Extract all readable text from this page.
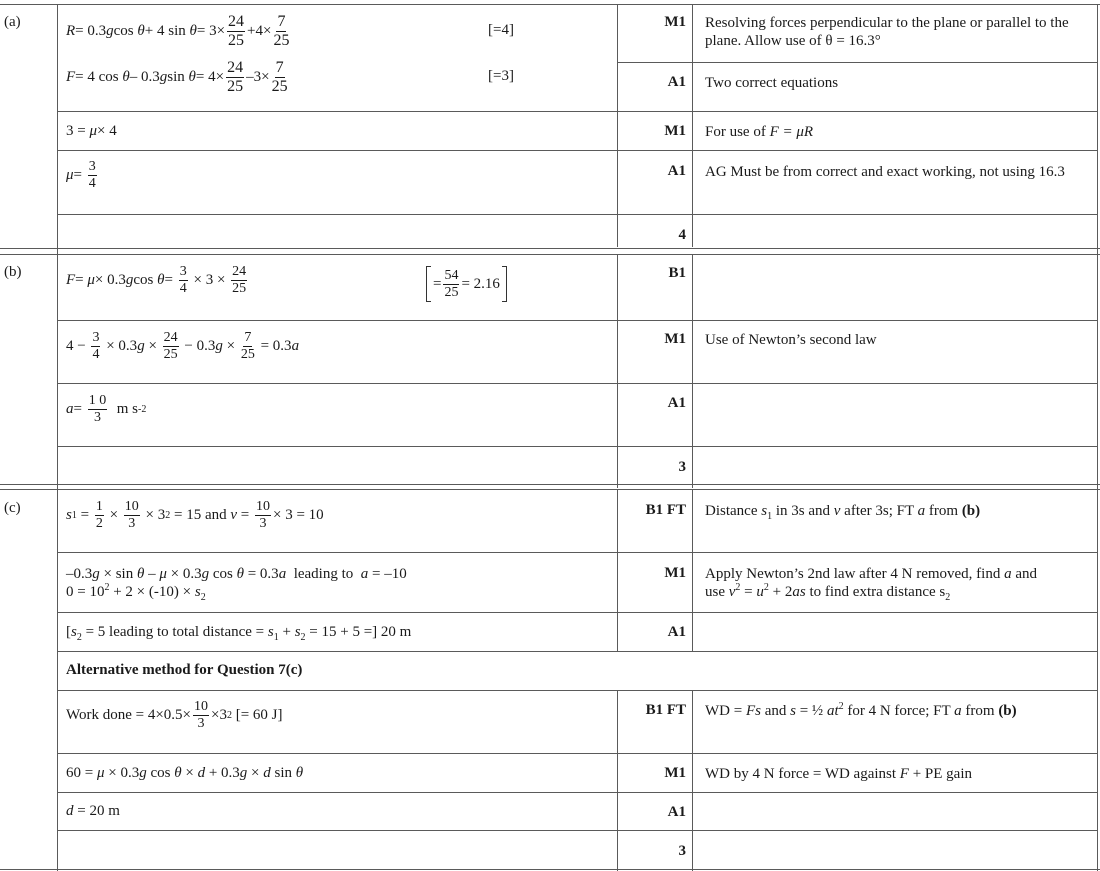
(a)
R = 0.3 g cos
θ + 4 sin
θ =
$3\times \frac{24}{25} +4\times \frac{7}{25}$	[=4]	M1 Resolving forces perpendicular to the plane or parallel to the plane. Allow use of θ = 16.3°
F = 4 cos
θ – 0.3 g sin
θ =
$4\times \frac{24}{25} -3\times \frac{7}{25}$	[=3]	A1 Two correct equations
3 =
μ × 4	M1 For use of F = μR
μ =
$\frac{3}{4}$	A1 AG Must be from correct and exact working, not using 16.3
4
(b)	F =
μ × 0.3 g cos
θ =
$\frac{3}{4} \times 3 \times \frac{24}{25}$	= $\frac{54}{25} = 2.16$
B1
$4 - \frac{3}{4} \times 0.3$ $g \times \frac{24}{25} - 0.3$ $g \times \frac{7}{25} = 0.3$ a	M1 Use of Newton’s second law
a =
$\frac{1 0}{3}$
m s -2	A1
3
(c)	s $1 = \frac{1}{2} \times \frac{10}{3} \times 3$ 2 = 15 and $v = \frac{10}{3} \times 3 = 10$	B1 FT Distance $s_1$ in 3s and v after 3s; FT a from (b)
–0.3g × sin θ – μ × 0.3g cos θ = 0.3a  leading to  a = –10
$0 = 10^2 + 2 \times (-10) \times s_2$
M1 Apply Newton’s 2nd law after 4 N removed, find a and
use $v^2 = u^2 + 2as$ to find extra distance $s_2$
[$s_2 = 5$ leading to total distance = $s_1 + s_2 = 15 + 5$ =] 20 m	A1
Alternative method for Question 7(c)
Work done = $4\times 0.5\times \frac{10}{3} \times 3$ 2 [= 60 J]	B1 FT WD = Fs and s = ½ $at^2$ for 4 N force; FT a from (b)
60 = μ × 0.3g cos θ × d + 0.3g × d sin θ	M1 WD by 4 N force = WD against F + PE gain
d = 20 m	A1
3
